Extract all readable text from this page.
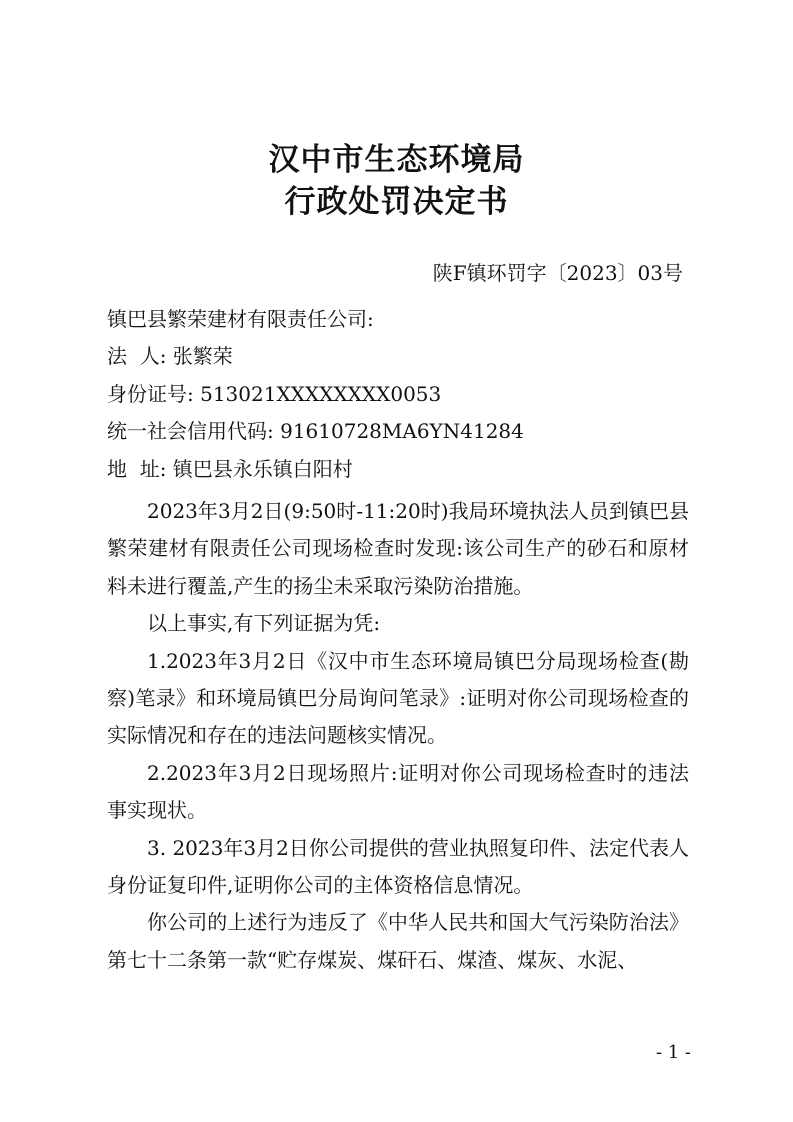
汉中市生态环境局
行政处罚决定书
陕F镇环罚字〔2023〕03号
镇巴县繁荣建材有限责任公司:
法  人: 张繁荣
身份证号: 513021XXXXXXXX0053
统一社会信用代码: 91610728MA6YN41284
地  址: 镇巴县永乐镇白阳村

2023年3月2日(9:50时-11:20时)我局环境执法人员到镇巴县繁荣建材有限责任公司现场检查时发现:该公司生产的砂石和原材料未进行覆盖,产生的扬尘未采取污染防治措施。

以上事实,有下列证据为凭:

1.2023年3月2日《汉中市生态环境局镇巴分局现场检查(勘察)笔录》和环境局镇巴分局询问笔录》:证明对你公司现场检查的实际情况和存在的违法问题核实情况。

2.2023年3月2日现场照片:证明对你公司现场检查时的违法事实现状。

3. 2023年3月2日你公司提供的营业执照复印件、法定代表人身份证复印件,证明你公司的主体资格信息情况。

你公司的上述行为违反了《中华人民共和国大气污染防治法》第七十二条第一款“贮存煤炭、煤矸石、煤渣、煤灰、水泥、

- 1 -
